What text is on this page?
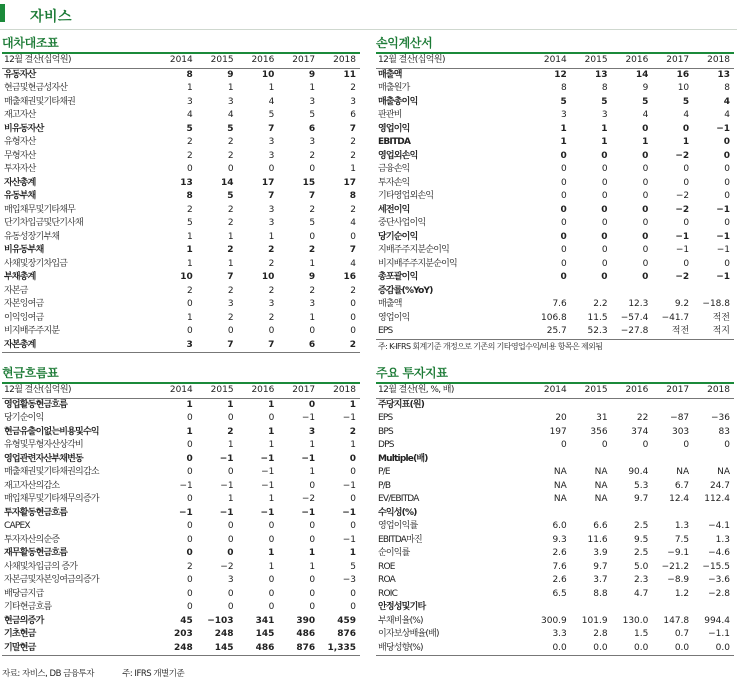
자비스
대차대조표
12월 결산(십억원)	2014	2015	2016	2017	2018
유동자산	8	9	10	9	11
현금및현금성자산	1	1	1	1	2
매출채권및기타채권	3	3	4	3	3
재고자산	4	4	5	5	6
비유동자산	5	5	7	6	7
유형자산	2	2	3	3	2
무형자산	2	2	3	2	2
투자자산	0	0	0	0	1
자산총계	13	14	17	15	17
유동부채	8	5	7	7	8
매입채무및기타채무	2	2	3	2	2
단기차입금및단기사채	5	2	3	5	4
유동성장기부채	1	1	1	0	0
비유동부채	1	2	2	2	7
사채및장기차입금	1	1	2	1	4
부채총계	10	7	10	9	16
자본금	2	2	2	2	2
자본잉여금	0	3	3	3	0
이익잉여금	1	2	2	1	0
비지배주주지분	0	0	0	0	0
자본총계	3	7	7	6	2
손익계산서
12월 결산(십억원)	2014	2015	2016	2017	2018
매출액	12	13	14	16	13
매출원가	8	8	9	10	8
매출총이익	5	5	5	5	4
판관비	3	3	4	4	4
영업이익	1	1	0	0	−1
EBITDA	1	1	1	1	0
영업외손익	0	0	0	−2	0
금융손익	0	0	0	0	0
투자손익	0	0	0	0	0
기타영업외손익	0	0	0	−2	0
세전이익	0	0	0	−2	−1
중단사업이익	0	0	0	0	0
당기순이익	0	0	0	−1	−1
지배주주지분순이익	0	0	0	−1	−1
비지배주주지분순이익	0	0	0	0	0
총포괄이익	0	0	0	−2	−1
증감률(%YoY)					
매출액	7.6	2.2	12.3	9.2	−18.8
영업이익	106.8	11.5	−57.4	−41.7	적전
EPS	25.7	52.3	−27.8	적전	적지
주: K-IFRS 회계기준 개정으로 기존의 기타영업수익/비용 항목은 제외됨
현금흐름표
12월 결산(십억원)	2014	2015	2016	2017	2018
영업활동현금흐름	1	1	1	0	1
당기순이익	0	0	0	−1	−1
현금유출이없는비용및수익	1	2	1	3	2
유형및무형자산상각비	0	1	1	1	1
영업관련자산부채변동	0	−1	−1	−1	0
매출채권및기타채권의감소	0	0	−1	1	0
재고자산의감소	−1	−1	−1	0	−1
매입채무및기타채무의증가	0	1	1	−2	0
투자활동현금흐름	−1	−1	−1	−1	−1
CAPEX	0	0	0	0	0
투자자산의순증	0	0	0	0	−1
재무활동현금흐름	0	0	1	1	1
사채및차입금의 증가	2	−2	1	1	5
자본금및자본잉여금의증가	0	3	0	0	−3
배당금지급	0	0	0	0	0
기타현금흐름	0	0	0	0	0
현금의증가	45	−103	341	390	459
기초현금	203	248	145	486	876
기말현금	248	145	486	876	1,335
주요 투자지표
12월 결산(원, %, 배)	2014	2015	2016	2017	2018
주당지표(원)					
EPS	20	31	22	−87	−36
BPS	197	356	374	303	83
DPS	0	0	0	0	0
Multiple(배)					
P/E	NA	NA	90.4	NA	NA
P/B	NA	NA	5.3	6.7	24.7
EV/EBITDA	NA	NA	9.7	12.4	112.4
수익성(%)					
영업이익률	6.0	6.6	2.5	1.3	−4.1
EBITDA마진	9.3	11.6	9.5	7.5	1.3
순이익률	2.6	3.9	2.5	−9.1	−4.6
ROE	7.6	9.7	5.0	−21.2	−15.5
ROA	2.6	3.7	2.3	−8.9	−3.6
ROIC	6.5	8.8	4.7	1.2	−2.8
안정성및기타					
부채비율(%)	300.9	101.9	130.0	147.8	994.4
이자보상배율(배)	3.3	2.8	1.5	0.7	−1.1
배당성향(%)	0.0	0.0	0.0	0.0	0.0
자료: 자비스, DB 금융투자	주: IFRS 개별기준
